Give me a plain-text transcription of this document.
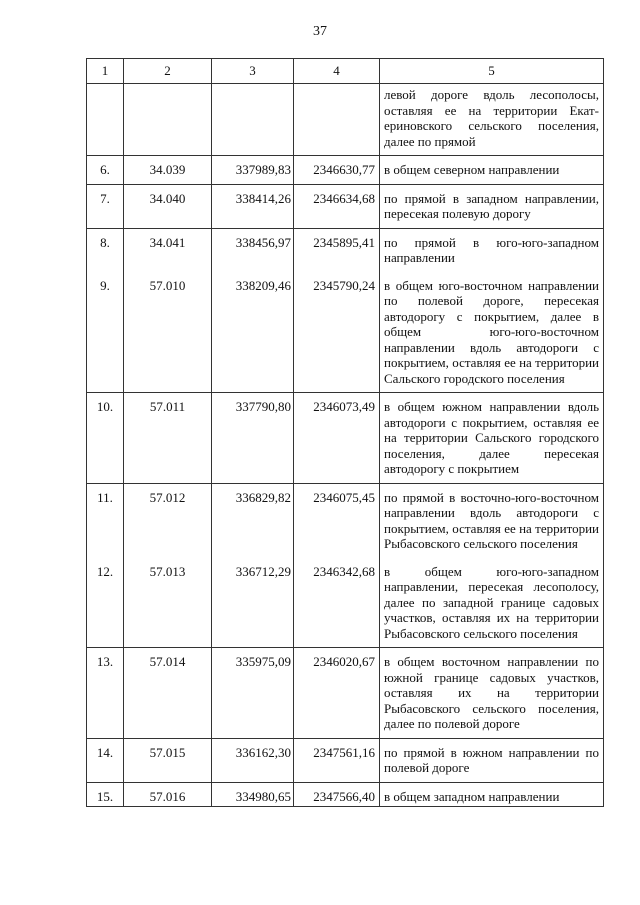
37
1	2	3	4	5
				левой дороге вдоль лесополосы, оставляя ее на территории Екатериновского сельского поселения, далее по прямой
6.	34.039	337989,83	2346630,77	в общем северном направлении
7.	34.040	338414,26	2346634,68	по прямой в западном направлении, пересекая полевую дорогу
8.	34.041	338456,97	2345895,41	по прямой в юго-юго-западном направлении
9.	57.010	338209,46	2345790,24	в общем юго-восточном направлении по полевой дороге, пересекая автодорогу с покрытием, далее в общем юго-юго-восточном направлении вдоль автодороги с покрытием, оставляя ее на территории Сальского городского поселения
10.	57.011	337790,80	2346073,49	в общем южном направлении вдоль автодороги с покрытием, оставляя ее на территории Сальского городского поселения, далее пересекая автодорогу с покрытием
11.	57.012	336829,82	2346075,45	по прямой в восточно-юго-восточном направлении вдоль автодороги с покрытием, оставляя ее на территории Рыбасовского сельского поселения
12.	57.013	336712,29	2346342,68	в общем юго-юго-западном направлении, пересекая лесополосу, далее по западной границе садовых участков, оставляя их на территории Рыбасовского сельского поселения
13.	57.014	335975,09	2346020,67	в общем восточном направлении по южной границе садовых участков, оставляя их на территории Рыбасовского сельского поселения, далее по полевой дороге
14.	57.015	336162,30	2347561,16	по прямой в южном направлении по полевой дороге
15.	57.016	334980,65	2347566,40	в общем западном направлении
